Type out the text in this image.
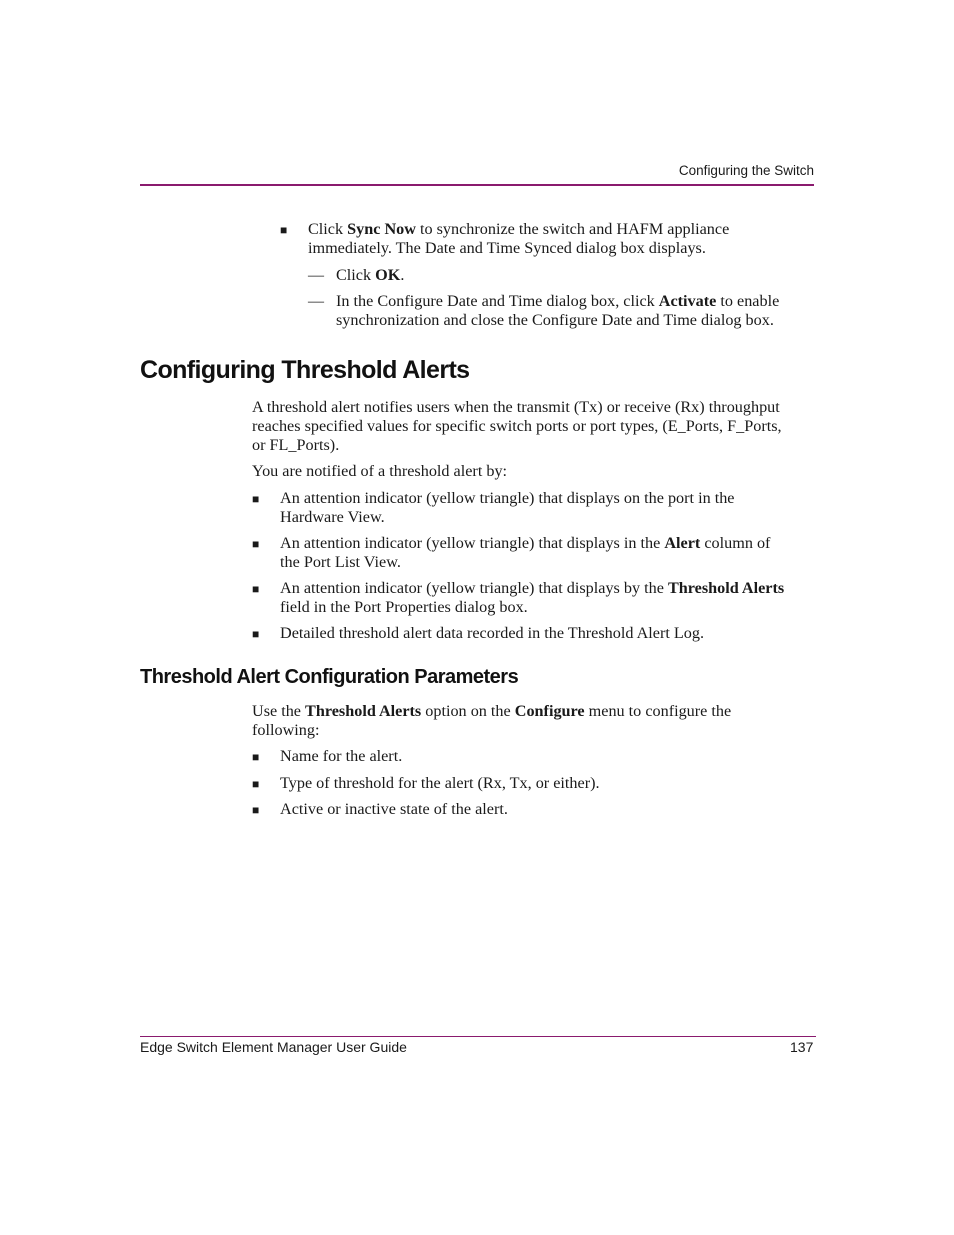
Configuring the Switch
■ Click Sync Now to synchronize the switch and HAFM appliance
immediately. The Date and Time Synced dialog box displays.
— Click OK.
— In the Configure Date and Time dialog box, click Activate to enable
synchronization and close the Configure Date and Time dialog box.
Configuring Threshold Alerts
A threshold alert notifies users when the transmit (Tx) or receive (Rx) throughput
reaches specified values for specific switch ports or port types, (E_Ports, F_Ports,
or FL_Ports).
You are notified of a threshold alert by:
■ An attention indicator (yellow triangle) that displays on the port in the
Hardware View.
■ An attention indicator (yellow triangle) that displays in the Alert column of
the Port List View.
■ An attention indicator (yellow triangle) that displays by the Threshold Alerts
field in the Port Properties dialog box.
■ Detailed threshold alert data recorded in the Threshold Alert Log.
Threshold Alert Configuration Parameters
Use the Threshold Alerts option on the Configure menu to configure the
following:
■ Name for the alert.
■ Type of threshold for the alert (Rx, Tx, or either).
■ Active or inactive state of the alert.
Edge Switch Element Manager User Guide	137
